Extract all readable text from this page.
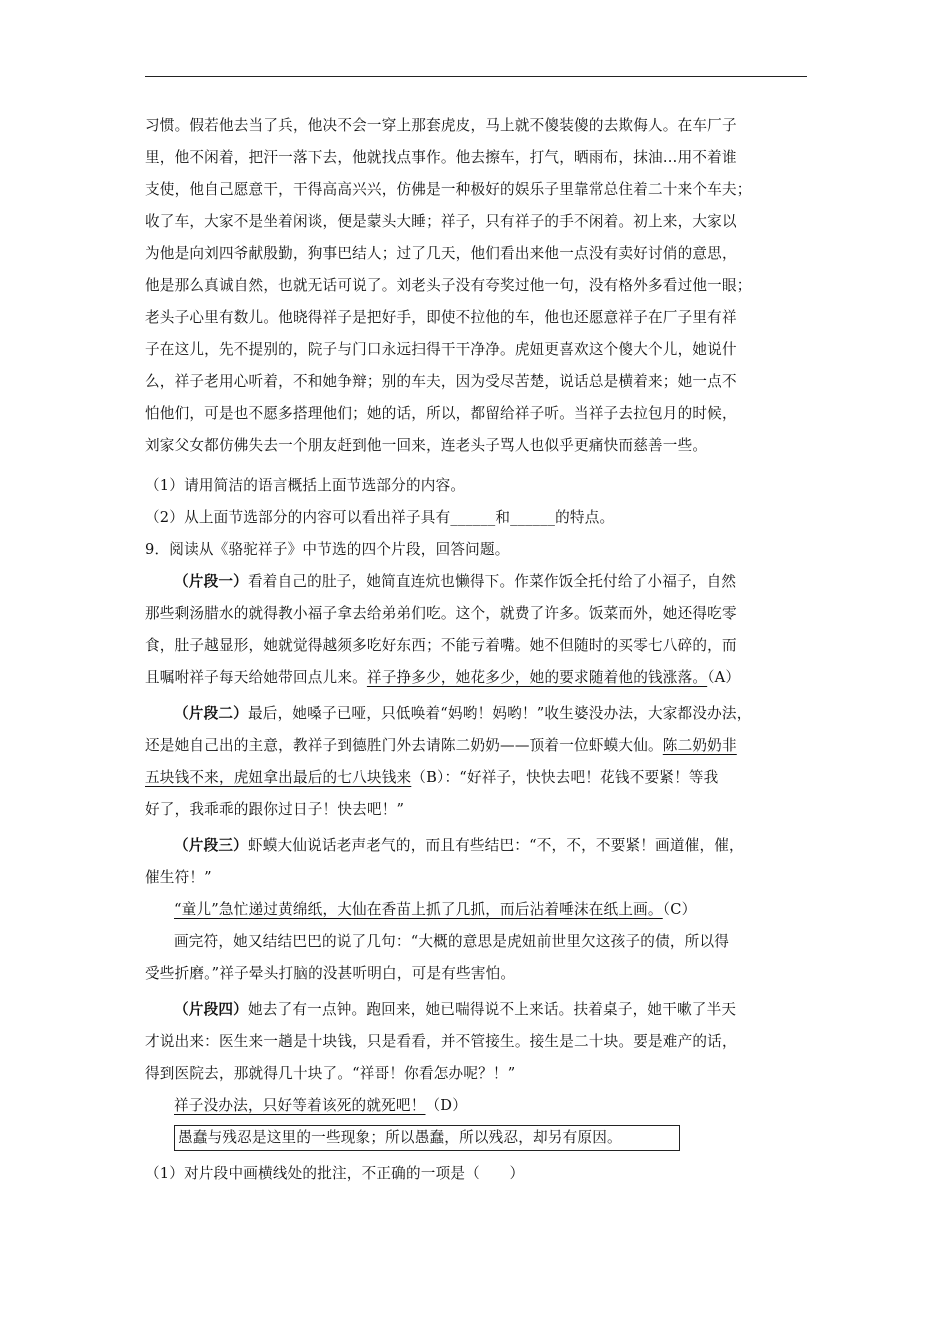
习惯。假若他去当了兵，他决不会一穿上那套虎皮，马上就不傻装傻的去欺侮人。在车厂子
里，他不闲着，把汗一落下去，他就找点事作。他去擦车，打气，晒雨布，抹油…用不着谁
支使，他自己愿意干，干得高高兴兴，仿佛是一种极好的娱乐子里靠常总住着二十来个车夫；
收了车，大家不是坐着闲谈，便是蒙头大睡；祥子，只有祥子的手不闲着。初上来，大家以
为他是向刘四爷献殷勤，狗事巴结人；过了几天，他们看出来他一点没有卖好讨俏的意思，
他是那么真诚自然，也就无话可说了。刘老头子没有夸奖过他一句，没有格外多看过他一眼；
老头子心里有数儿。他晓得祥子是把好手，即使不拉他的车，他也还愿意祥子在厂子里有祥
子在这儿，先不提别的，院子与门口永远扫得干干净净。虎妞更喜欢这个傻大个儿，她说什
么，祥子老用心听着，不和她争辩；别的车夫，因为受尽苦楚，说话总是横着来；她一点不
怕他们，可是也不愿多搭理他们；她的话，所以，都留给祥子听。当祥子去拉包月的时候，
刘家父女都仿佛失去一个朋友赶到他一回来，连老头子骂人也似乎更痛快而慈善一些。
（1）请用简洁的语言概括上面节选部分的内容。
（2）从上面节选部分的内容可以看出祥子具有______和______的特点。
9．阅读从《骆驼祥子》中节选的四个片段，回答问题。
（片段一）看着自己的肚子，她简直连炕也懒得下。作菜作饭全托付给了小福子，自然
那些剩汤腊水的就得教小福子拿去给弟弟们吃。这个，就费了许多。饭菜而外，她还得吃零
食，肚子越显形，她就觉得越须多吃好东西；不能亏着嘴。她不但随时的买零七八碎的，而
且嘱咐祥子每天给她带回点儿来。祥子挣多少，她花多少，她的要求随着他的钱涨落。（A）
（片段二）最后，她嗓子已哑，只低唤着“妈哟！妈哟！”收生婆没办法，大家都没办法，
还是她自己出的主意，教祥子到德胜门外去请陈二奶奶——顶着一位虾蟆大仙。陈二奶奶非
五块钱不来，虎妞拿出最后的七八块钱来（B）：“好祥子，快快去吧！花钱不要紧！等我
好了，我乖乖的跟你过日子！快去吧！”
（片段三）虾蟆大仙说话老声老气的，而且有些结巴：“不，不，不要紧！画道催，催，
催生符！”
“童儿”急忙递过黄绵纸，大仙在香苗上抓了几抓，而后沾着唾沫在纸上画。（C）
画完符，她又结结巴巴的说了几句：“大概的意思是虎妞前世里欠这孩子的债，所以得
受些折磨。”祥子晕头打脑的没甚听明白，可是有些害怕。
（片段四）她去了有一点钟。跑回来，她已喘得说不上来话。扶着桌子，她干嗽了半天
才说出来：医生来一趟是十块钱，只是看看，并不管接生。接生是二十块。要是难产的话，
得到医院去，那就得几十块了。“祥哥！你看怎办呢？！”
祥子没办法，只好等着该死的就死吧！（D）
愚蠢与残忍是这里的一些现象；所以愚蠢，所以残忍，却另有原因。
（1）对片段中画横线处的批注，不正确的一项是（　　）
